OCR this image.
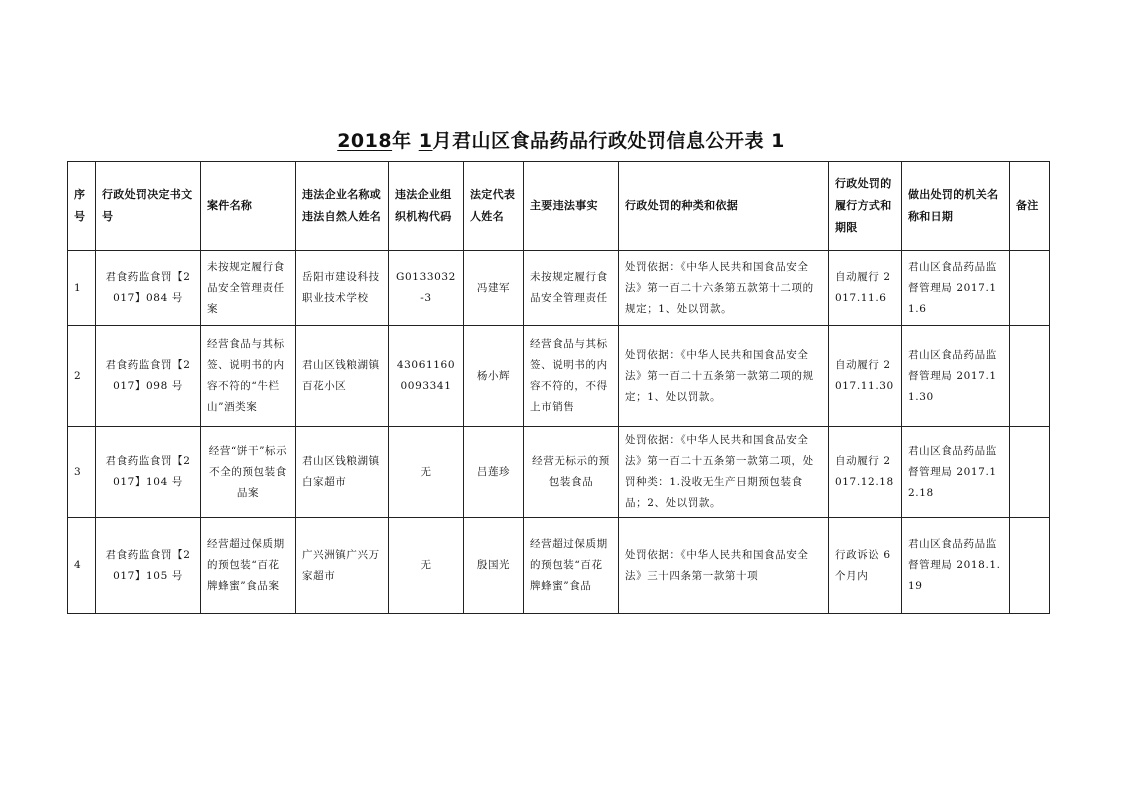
2018年 1月君山区食品药品行政处罚信息公开表 1
序号	行政处罚决定书文号	案件名称	违法企业名称或违法自然人姓名	违法企业组织机构代码	法定代表人姓名	主要违法事实	行政处罚的种类和依据	行政处罚的履行方式和期限	做出处罚的机关名称和日期	备注
1	君食药监食罚【2017】084 号	未按规定履行食品安全管理责任案	岳阳市建设科技职业技术学校	G0133032-3	冯建军	未按规定履行食品安全管理责任	处罚依据：《中华人民共和国食品安全法》第一百二十六条第五款第十二项的规定；1、处以罚款。	自动履行 2017.11.6	君山区食品药品监督管理局 2017.11.6	
2	君食药监食罚【2017】098 号	经营食品与其标签、说明书的内容不符的“牛栏山”酒类案	君山区钱粮湖镇百花小区	430611600093341	杨小辉	经营食品与其标签、说明书的内容不符的，不得上市销售	处罚依据：《中华人民共和国食品安全法》第一百二十五条第一款第二项的规定；1、处以罚款。	自动履行 2017.11.30	君山区食品药品监督管理局 2017.11.30	
3	君食药监食罚【2017】104 号	经营“饼干”标示不全的预包装食品案	君山区钱粮湖镇白家超市	无	吕莲珍	经营无标示的预包装食品	处罚依据：《中华人民共和国食品安全法》第一百二十五条第一款第二项，处罚种类：1.没收无生产日期预包装食品；2、处以罚款。	自动履行 2017.12.18	君山区食品药品监督管理局 2017.12.18	
4	君食药监食罚【2017】105 号	经营超过保质期的预包装“百花牌蜂蜜”食品案	广兴洲镇广兴万家超市	无	殷国光	经营超过保质期的预包装“百花牌蜂蜜”食品	处罚依据：《中华人民共和国食品安全法》三十四条第一款第十项	行政诉讼 6 个月内	君山区食品药品监督管理局 2018.1.19	
